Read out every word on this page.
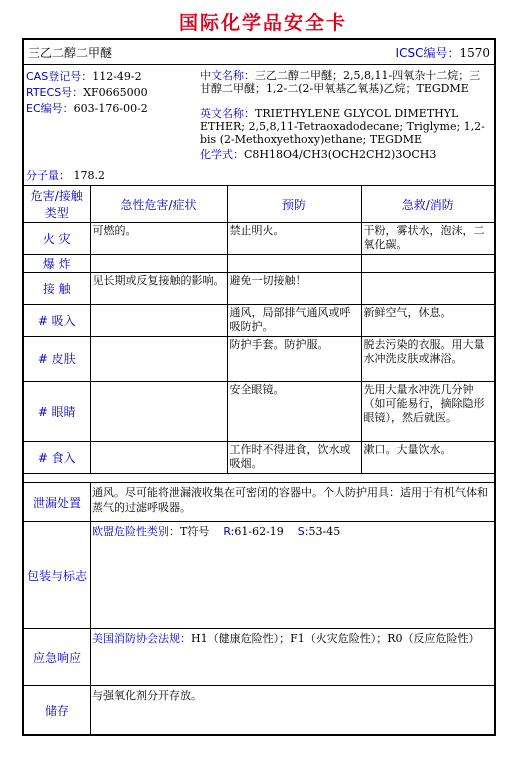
国际化学品安全卡
三乙二醇二甲醚	ICSC编号：1570
CAS登记号：112-49-2
RTECS号：XF0665000
EC编号：603-176-00-2
中文名称：三乙二醇二甲醚；2,5,8,11-四氧杂十二烷；三甘醇二甲醚；1,2-二(2-甲氧基乙氧基)乙烷；TEGDME
英文名称：TRIETHYLENE GLYCOL DIMETHYL ETHER; 2,5,8,11-Tetraoxadodecane; Triglyme; 1,2-bis (2-Methoxyethoxy)ethane; TEGDME
化学式：C8H18O4/CH3(OCH2CH2)3OCH3
分子量： 178.2
危害/接触类型	急性危害/症状	预防	急救/消防
火 灾	可燃的。	禁止明火。	干粉，雾状水，泡沫，二氧化碳。
爆 炸			
接 触	见长期或反复接触的影响。	避免一切接触！	
# 吸入		通风，局部排气通风或呼吸防护。	新鲜空气，休息。
# 皮肤		防护手套。防护服。	脱去污染的衣服。用大量水冲洗皮肤或淋浴。
# 眼睛		安全眼镜。	先用大量水冲洗几分钟（如可能易行，摘除隐形眼镜），然后就医。
# 食入		工作时不得进食，饮水或吸烟。	漱口。大量饮水。
泄漏处置
通风。尽可能将泄漏液收集在可密闭的容器中。个人防护用具：适用于有机气体和蒸气的过滤呼吸器。
包装与标志
欧盟危险性类别：T符号 R:61-62-19 S:53-45
应急响应
美国消防协会法规：H1（健康危险性）；F1（火灾危险性）；R0（反应危险性）
储存
与强氧化剂分开存放。
